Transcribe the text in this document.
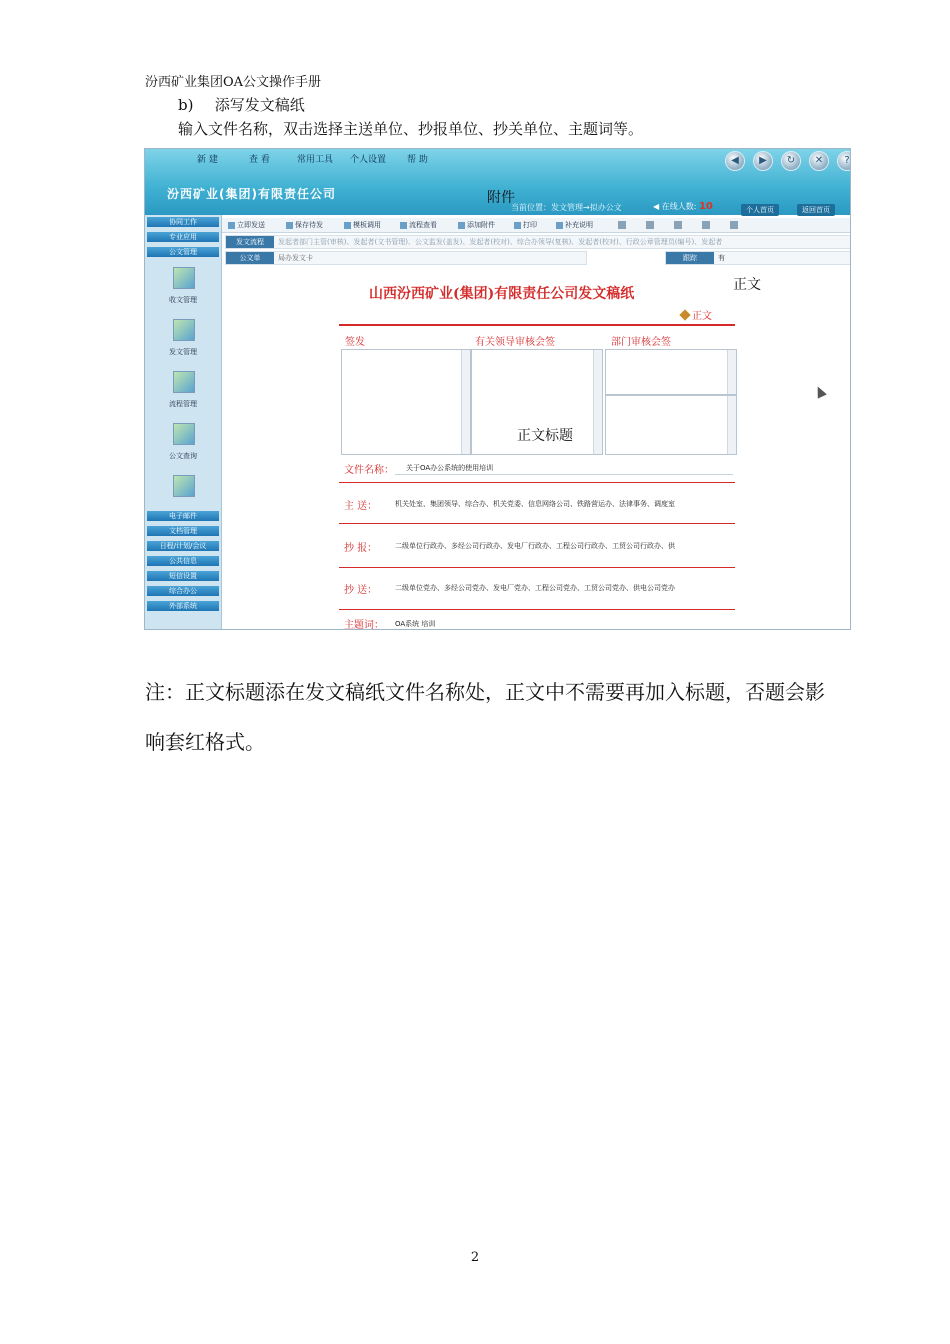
汾西矿业集团OA公文操作手册
b) 添写发文稿纸
输入文件名称，双击选择主送单位、抄报单位、抄关单位、主题词等。
新 建	查 看	常用工具 个人设置 帮 助	◀	▶	↻	✕	?
汾西矿业(集团)有限责任公司	附件
当前位置：发文管理→拟办公文	◀ 在线人数: 10	个人首页	返回首页
协同工作
专业应用
公文管理
收文管理
发文管理
流程管理
公文查询
电子邮件
文档管理
日程/计划/会议
公共信息
短信设置
综合办公
外部系统
立即发送	保存待发	模板调用	流程查看	添加附件	打印	补充说明
发文流程	发起者部门主管(审核)、发起者(文书管理)、公文监发(盖发)、发起者(校对)、综合办领导(复核)、发起者(校对)、行政公章管理员(编号)、发起者
公文单	局办发文卡	跟踪	有
山西汾西矿业(集团)有限责任公司发文稿纸
正文
正文
签发	有关领导审核会签	部门审核会签
正文标题
文件名称： 关于OA办公系统的使用培训
主 送：	机关处室、集团领导、综合办、机关党委、信息网络公司、铁路营运办、法律事务、调度室
抄 报：	二级单位行政办、多经公司行政办、发电厂行政办、工程公司行政办、工贸公司行政办、供
抄 送：	二级单位党办、多经公司党办、发电厂党办、工程公司党办、工贸公司党办、供电公司党办
主题词： OA系统 培训
注：正文标题添在发文稿纸文件名称处，正文中不需要再加入标题，否题会影响套红格式。
2
